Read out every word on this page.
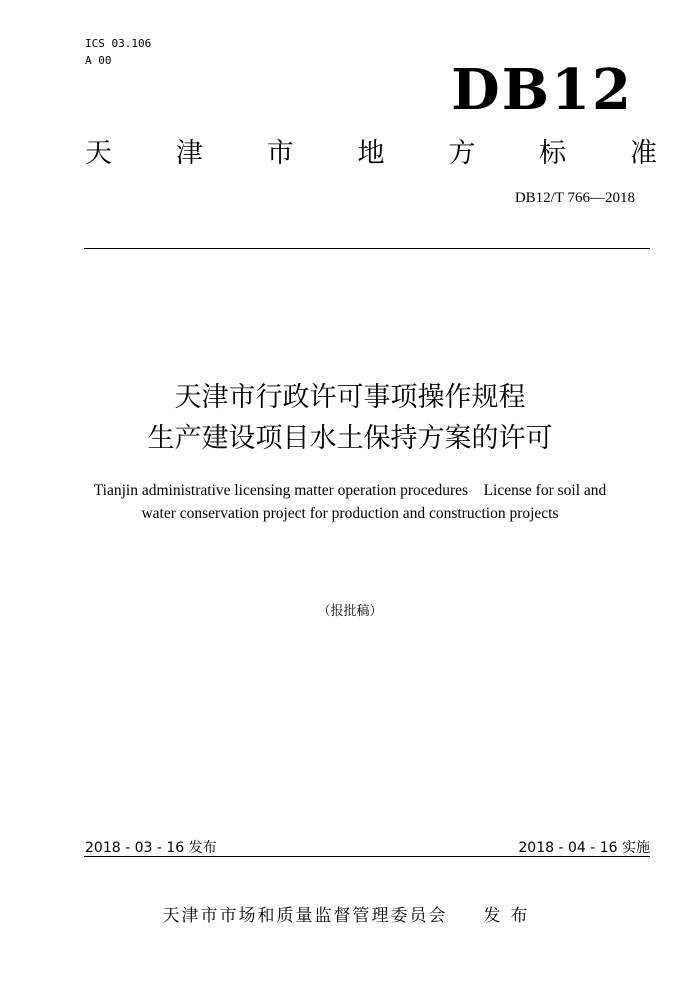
ICS 03.106
A 00	DB12
天 津 市 地 方 标 准
DB12/T 766—2018
天津市行政许可事项操作规程
生产建设项目水土保持方案的许可
Tianjin administrative licensing matter operation procedures    License for soil and
water conservation project for production and construction projects
（报批稿）
2018 - 03 - 16 发布	2018 - 04 - 16 实施
天津市市场和质量监督管理委员会 发布
